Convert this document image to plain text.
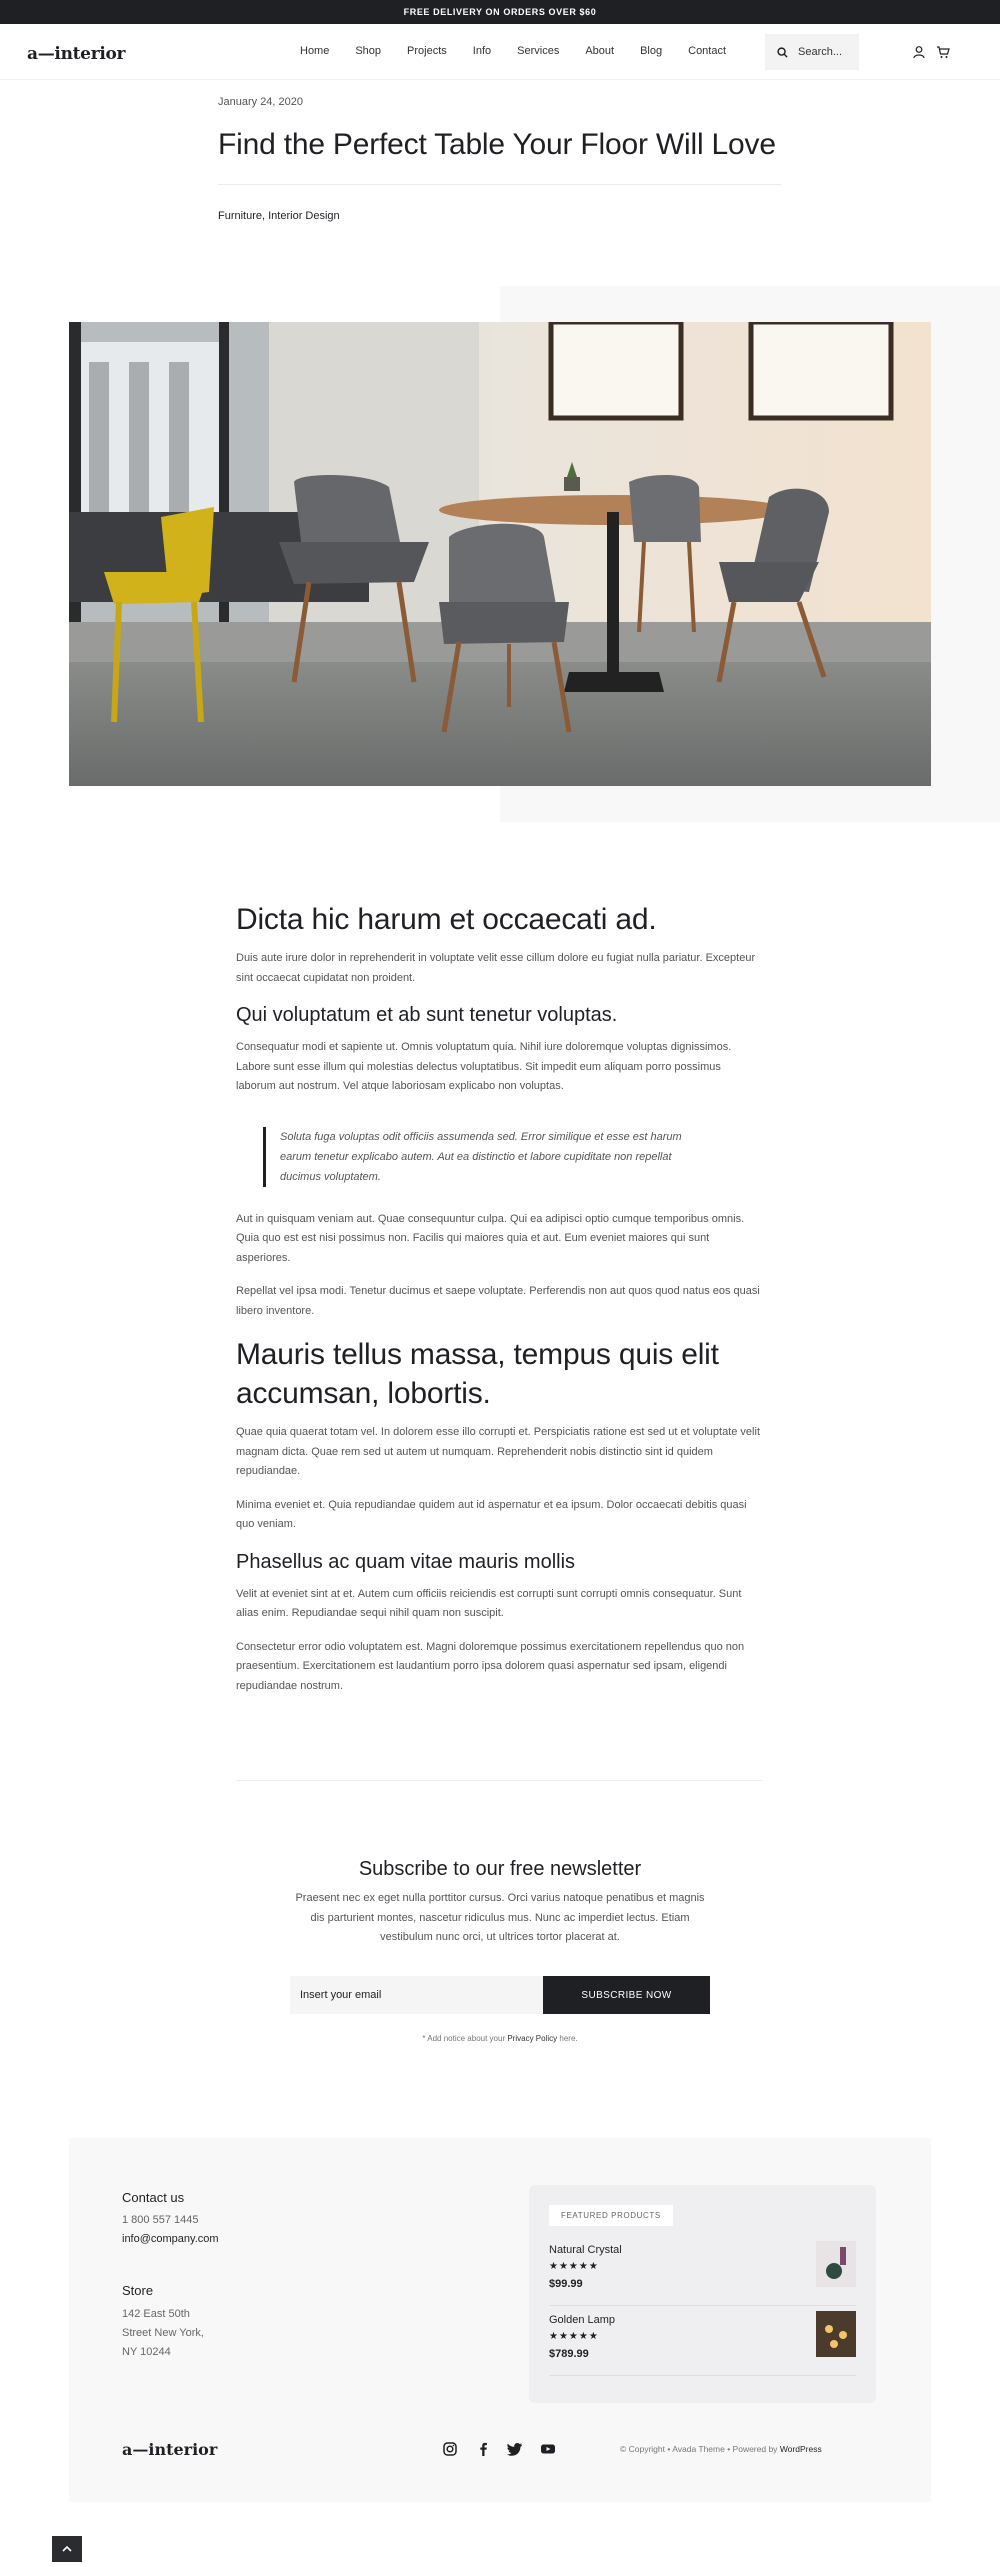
FREE DELIVERY ON ORDERS OVER $60
a—interior	Home Shop Projects Info Services About Blog Contact	Search...
January 24, 2020
Find the Perfect Table Your Floor Will Love
Furniture, Interior Design
Dicta hic harum et occaecati ad.

Duis aute irure dolor in reprehenderit in voluptate velit esse cillum dolore eu fugiat nulla pariatur. Excepteur sint occaecat cupidatat non proident.

Qui voluptatum et ab sunt tenetur voluptas.

Consequatur modi et sapiente ut. Omnis voluptatum quia. Nihil iure doloremque voluptas dignissimos. Labore sunt esse illum qui molestias delectus voluptatibus. Sit impedit eum aliquam porro possimus laborum aut nostrum. Vel atque laboriosam explicabo non voluptas.

Soluta fuga voluptas odit officiis assumenda sed. Error similique et esse est harum earum tenetur explicabo autem. Aut ea distinctio et labore cupiditate non repellat ducimus voluptatem.

Aut in quisquam veniam aut. Quae consequuntur culpa. Qui ea adipisci optio cumque temporibus omnis. Quia quo est est nisi possimus non. Facilis qui maiores quia et aut. Eum eveniet maiores qui sunt asperiores.

Repellat vel ipsa modi. Tenetur ducimus et saepe voluptate. Perferendis non aut quos quod natus eos quasi libero inventore.

Mauris tellus massa, tempus quis elit accumsan, lobortis.

Quae quia quaerat totam vel. In dolorem esse illo corrupti et. Perspiciatis ratione est sed ut et voluptate velit magnam dicta. Quae rem sed ut autem ut numquam. Reprehenderit nobis distinctio sint id quidem repudiandae.

Minima eveniet et. Quia repudiandae quidem aut id aspernatur et ea ipsum. Dolor occaecati debitis quasi quo veniam.

Phasellus ac quam vitae mauris mollis

Velit at eveniet sint at et. Autem cum officiis reiciendis est corrupti sunt corrupti omnis consequatur. Sunt alias enim. Repudiandae sequi nihil quam non suscipit.

Consectetur error odio voluptatem est. Magni doloremque possimus exercitationem repellendus quo non praesentium. Exercitationem est laudantium porro ipsa dolorem quasi aspernatur sed ipsam, eligendi repudiandae nostrum.

Subscribe to our free newsletter
Praesent nec ex eget nulla porttitor cursus. Orci varius natoque penatibus et magnis dis parturient montes, nascetur ridiculus mus. Nunc ac imperdiet lectus. Etiam vestibulum nunc orci, ut ultrices tortor placerat at.
Insert your email
SUBSCRIBE NOW
* Add notice about your Privacy Policy here.
Contact us
1 800 557 1445
info@company.com
Store
142 East 50th
Street New York,
NY 10244
FEATURED PRODUCTS
Natural Crystal
★★★★★
$99.99
Golden Lamp
★★★★★
$789.99
a—interior	© Copyright • Avada Theme • Powered by WordPress
